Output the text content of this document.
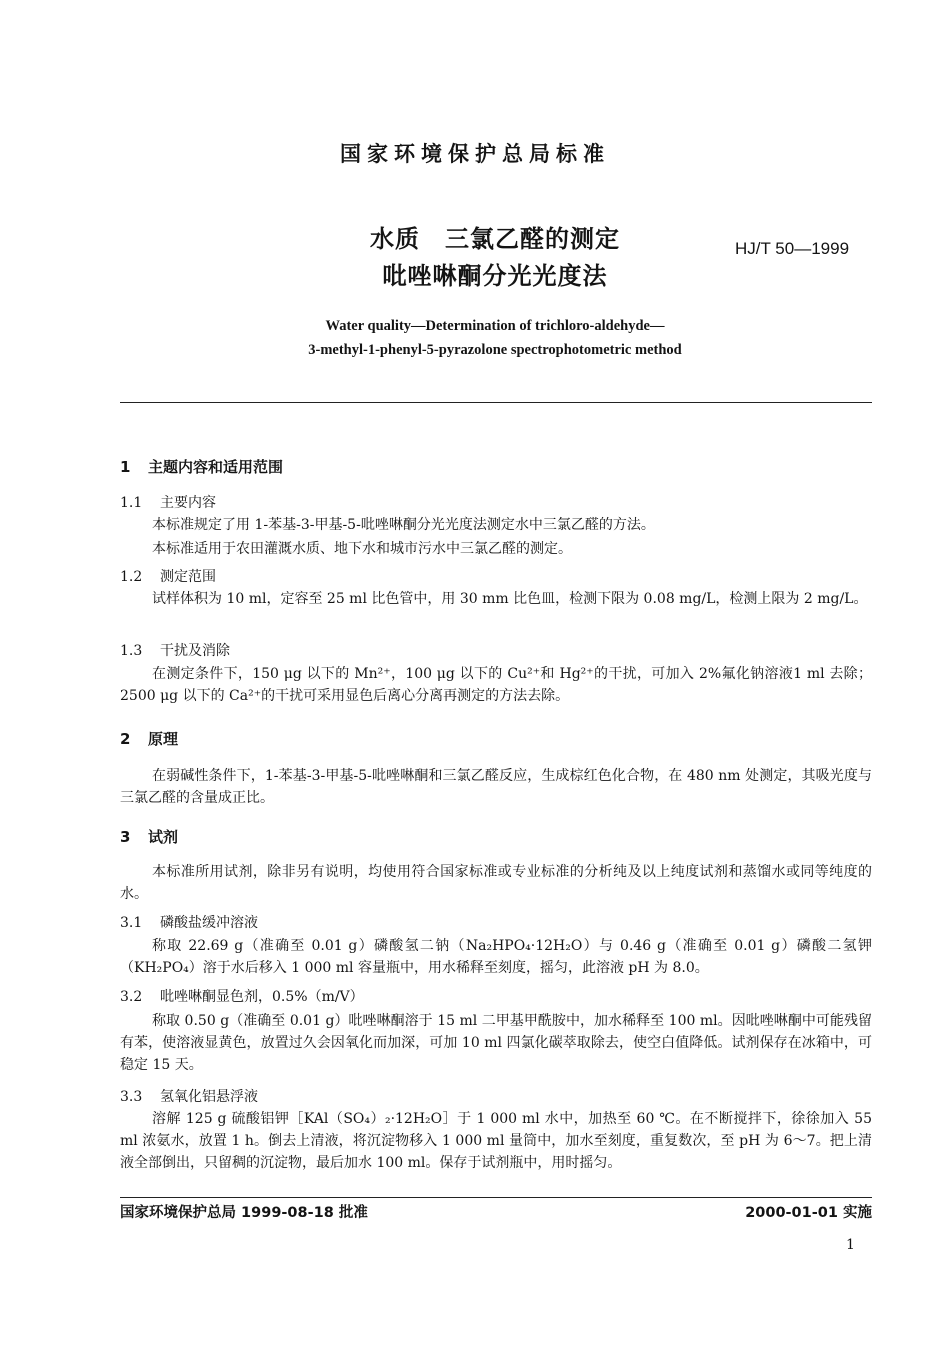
国家环境保护总局标准
水质　三氯乙醛的测定
吡唑啉酮分光光度法
HJ/T 50—1999
Water quality—Determination of trichloro-aldehyde—
3-methyl-1-phenyl-5-pyrazolone spectrophotometric method
1 主题内容和适用范围
1.1 主要内容

本标准规定了用 1-苯基-3-甲基-5-吡唑啉酮分光光度法测定水中三氯乙醛的方法。

本标准适用于农田灌溉水质、地下水和城市污水中三氯乙醛的测定。

1.2 测定范围

试样体积为 10 ml，定容至 25 ml 比色管中，用 30 mm 比色皿，检测下限为 0.08 mg/L，检测上限为 2 mg/L。

1.3 干扰及消除

在测定条件下，150 μg 以下的 Mn²⁺，100 μg 以下的 Cu²⁺和 Hg²⁺的干扰，可加入 2%氟化钠溶液1 ml 去除；2500 μg 以下的 Ca²⁺的干扰可采用显色后离心分离再测定的方法去除。

2 原理

在弱碱性条件下，1-苯基-3-甲基-5-吡唑啉酮和三氯乙醛反应，生成棕红色化合物，在 480 nm 处测定，其吸光度与三氯乙醛的含量成正比。

3 试剂

本标准所用试剂，除非另有说明，均使用符合国家标准或专业标准的分析纯及以上纯度试剂和蒸馏水或同等纯度的水。

3.1 磷酸盐缓冲溶液

称取 22.69 g（准确至 0.01 g）磷酸氢二钠（Na₂HPO₄·12H₂O）与 0.46 g（准确至 0.01 g）磷酸二氢钾（KH₂PO₄）溶于水后移入 1 000 ml 容量瓶中，用水稀释至刻度，摇匀，此溶液 pH 为 8.0。

3.2 吡唑啉酮显色剂，0.5%（m/V）

称取 0.50 g（准确至 0.01 g）吡唑啉酮溶于 15 ml 二甲基甲酰胺中，加水稀释至 100 ml。因吡唑啉酮中可能残留有苯，使溶液显黄色，放置过久会因氧化而加深，可加 10 ml 四氯化碳萃取除去，使空白值降低。试剂保存在冰箱中，可稳定 15 天。

3.3 氢氧化铝悬浮液

溶解 125 g 硫酸铝钾［KAl（SO₄）₂·12H₂O］于 1 000 ml 水中，加热至 60 ℃。在不断搅拌下，徐徐加入 55 ml 浓氨水，放置 1 h。倒去上清液，将沉淀物移入 1 000 ml 量筒中，加水至刻度，重复数次，至 pH 为 6～7。把上清液全部倒出，只留稠的沉淀物，最后加水 100 ml。保存于试剂瓶中，用时摇匀。

国家环境保护总局 1999-08-18 批准	2000-01-01 实施
1
